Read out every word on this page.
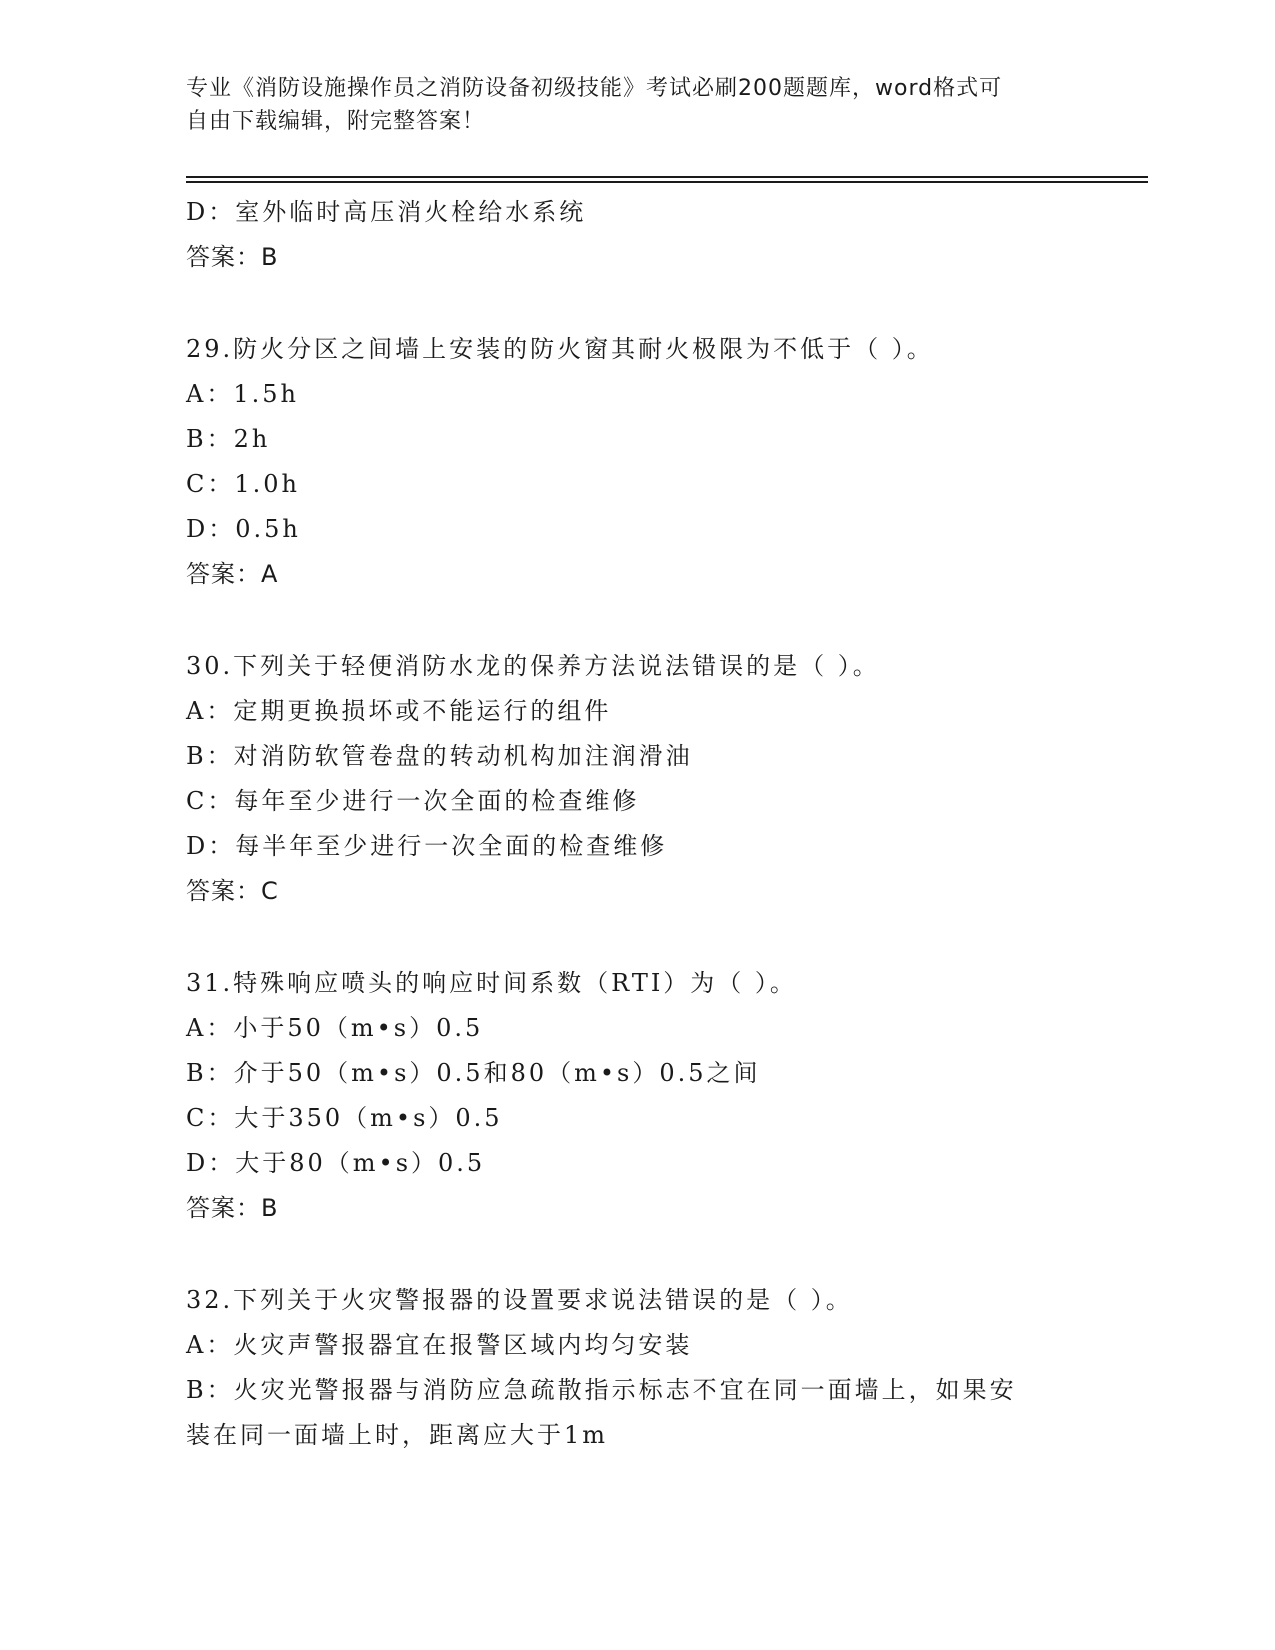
专业《消防设施操作员之消防设备初级技能》考试必刷200题题库，word格式可
自由下载编辑，附完整答案！
D：室外临时高压消火栓给水系统
答案：B
29.防火分区之间墙上安装的防火窗其耐火极限为不低于（ ）。
A：1.5h
B：2h
C：1.0h
D：0.5h
答案：A
30.下列关于轻便消防水龙的保养方法说法错误的是（ ）。
A：定期更换损坏或不能运行的组件
B：对消防软管卷盘的转动机构加注润滑油
C：每年至少进行一次全面的检查维修
D：每半年至少进行一次全面的检查维修
答案：C
31.特殊响应喷头的响应时间系数（RTI）为（ ）。
A：小于50（m•s）0.5
B：介于50（m•s）0.5和80（m•s）0.5之间
C：大于350（m•s）0.5
D：大于80（m•s）0.5
答案：B
32.下列关于火灾警报器的设置要求说法错误的是（ ）。
A：火灾声警报器宜在报警区域内均匀安装
B：火灾光警报器与消防应急疏散指示标志不宜在同一面墙上，如果安
装在同一面墙上时，距离应大于1m
